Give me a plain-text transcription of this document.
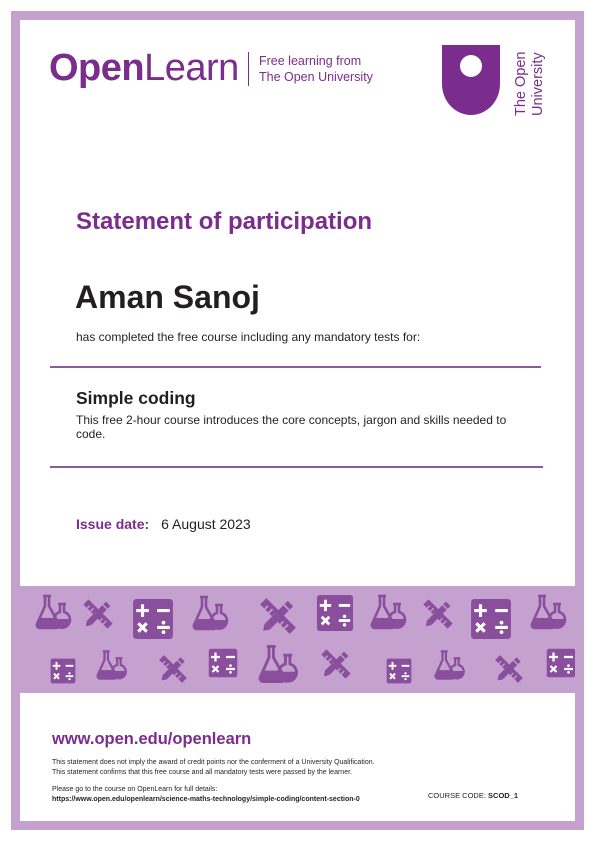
OpenLearn Free learning from
The Open University	The Open University
Statement of participation
Aman Sanoj
has completed the free course including any mandatory tests for:
Simple coding
This free 2-hour course introduces the core concepts, jargon and skills needed to code.
Issue date: 6 August 2023
www.open.edu/openlearn
This statement does not imply the award of credit points nor the conferment of a University Qualification.
This statement confirms that this free course and all mandatory tests were passed by the learner.
Please go to the course on OpenLearn for full details:
https://www.open.edu/openlearn/science-maths-technology/simple-coding/content-section-0	COURSE CODE: SCOD_1
